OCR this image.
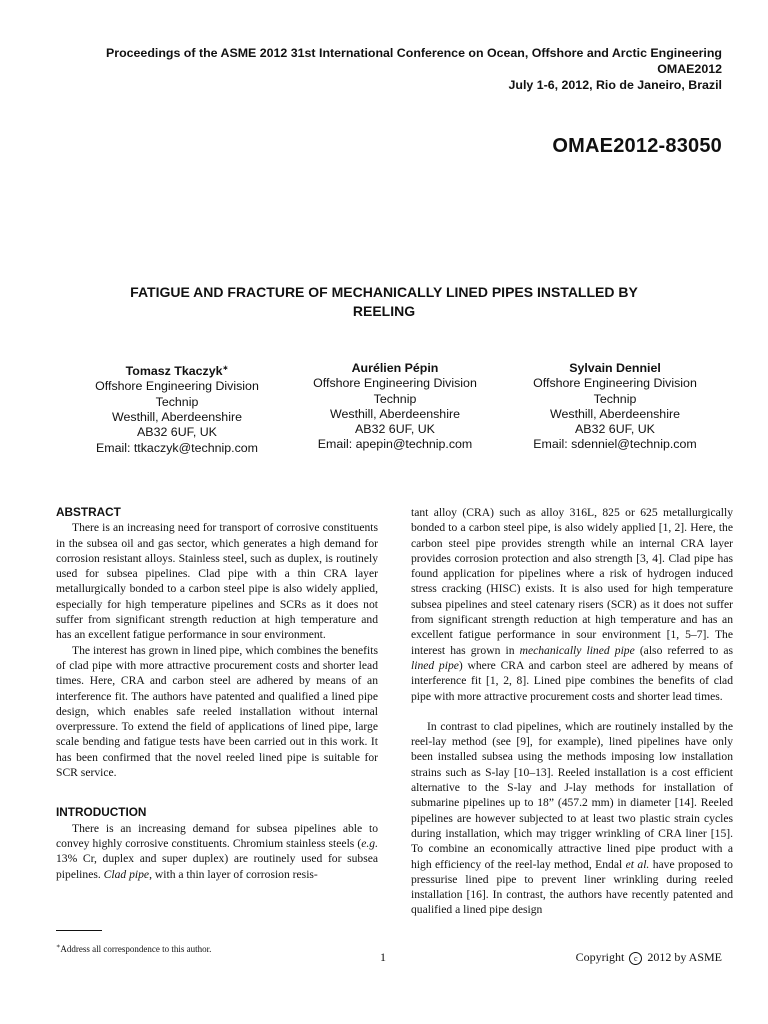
Proceedings of the ASME 2012 31st International Conference on Ocean, Offshore and Arctic Engineering
OMAE2012
July 1-6, 2012, Rio de Janeiro, Brazil
OMAE2012-83050
FATIGUE AND FRACTURE OF MECHANICALLY LINED PIPES INSTALLED BY
REELING
Tomasz Tkaczyk∗
Offshore Engineering Division
Technip
Westhill, Aberdeenshire
AB32 6UF, UK
Email: ttkaczyk@technip.com
Aurélien Pépin
Offshore Engineering Division
Technip
Westhill, Aberdeenshire
AB32 6UF, UK
Email: apepin@technip.com
Sylvain Denniel
Offshore Engineering Division
Technip
Westhill, Aberdeenshire
AB32 6UF, UK
Email: sdenniel@technip.com

ABSTRACT

There is an increasing need for transport of corrosive constituents in the subsea oil and gas sector, which generates a high demand for corrosion resistant alloys. Stainless steel, such as duplex, is routinely used for subsea pipelines. Clad pipe with a thin CRA layer metallurgically bonded to a carbon steel pipe is also widely applied, especially for high temperature pipelines and SCRs as it does not suffer from significant strength reduction at high temperature and has an excellent fatigue performance in sour environment.

The interest has grown in lined pipe, which combines the benefits of clad pipe with more attractive procurement costs and shorter lead times. Here, CRA and carbon steel are adhered by means of an interference fit. The authors have patented and qualified a lined pipe design, which enables safe reeled installation without internal overpressure. To extend the field of applications of lined pipe, large scale bending and fatigue tests have been carried out in this work. It has been confirmed that the novel reeled lined pipe is suitable for SCR service.

INTRODUCTION

There is an increasing demand for subsea pipelines able to convey highly corrosive constituents. Chromium stainless steels (e.g. 13% Cr, duplex and super duplex) are routinely used for subsea pipelines. Clad pipe, with a thin layer of corrosion resis-

tant alloy (CRA) such as alloy 316L, 825 or 625 metallurgically bonded to a carbon steel pipe, is also widely applied [1, 2]. Here, the carbon steel pipe provides strength while an internal CRA layer provides corrosion protection and also strength [3, 4]. Clad pipe has found application for pipelines where a risk of hydrogen induced stress cracking (HISC) exists. It is also used for high temperature subsea pipelines and steel catenary risers (SCR) as it does not suffer from significant strength reduction at high temperature and has an excellent fatigue performance in sour environment [1, 5–7]. The interest has grown in mechanically lined pipe (also referred to as lined pipe) where CRA and carbon steel are adhered by means of interference fit [1, 2, 8]. Lined pipe combines the benefits of clad pipe with more attractive procurement costs and shorter lead times.

In contrast to clad pipelines, which are routinely installed by the reel-lay method (see [9], for example), lined pipelines have only been installed subsea using the methods imposing low installation strains such as S-lay [10–13]. Reeled installation is a cost efficient alternative to the S-lay and J-lay methods for installation of submarine pipelines up to 18” (457.2 mm) in diameter [14]. Reeled pipelines are however subjected to at least two plastic strain cycles during installation, which may trigger wrinkling of CRA liner [15]. To combine an economically attractive lined pipe product with a high efficiency of the reel-lay method, Endal et al. have proposed to pressurise lined pipe to prevent liner wrinkling during reeled installation [16]. In contrast, the authors have recently patented and qualified a lined pipe design

∗Address all correspondence to this author.
1	Copyright c 2012 by ASME
